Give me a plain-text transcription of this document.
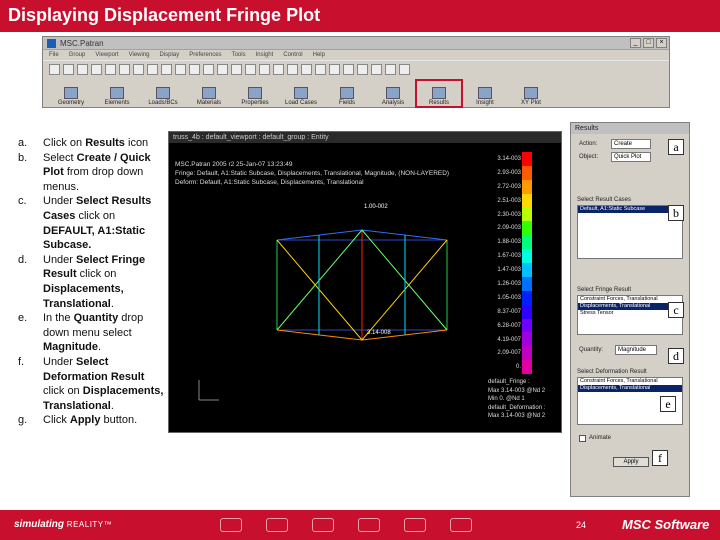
Displaying Displacement Fringe Plot
MSC.Patran	_	□	×
File Group Viewport Viewing Display Preferences Tools Insight Control Help
Geometry	Elements	Loads/BCs	Materials	Properties	Load Cases	Fields	Analysis	Results	Insight	XY Plot
a.	Click on Results icon
b.	Select Create / Quick Plot from drop down menus.
c.	Under Select Results Cases click on DEFAULT, A1:Static Subcase.
d.	Under Select Fringe Result click on Displacements, Translational.
e.	In the Quantity drop down menu select Magnitude.
f.	Under Select Deformation Result click on Displacements, Translational.
g.	Click Apply button.
truss_4b : default_viewport : default_group : Entity
MSC.Patran 2005 r2 25-Jan-07 13:23:49
Fringe: Default, A1:Static Subcase, Displacements, Translational, Magnitude, (NON-LAYERED)
Deform: Default, A1:Static Subcase, Displacements, Translational
1.00-002
3.14-008
3.14-003
2.93-003
2.72-003
2.51-003
2.30-003
2.09-003
1.88-003
1.67-003
1.47-003
1.26-003
1.05-003
8.37-007
6.28-007
4.19-007
2.09-007
0.
default_Fringe :
Max 3.14-003 @Nd 2
Min 0. @Nd 1
default_Deformation :
Max 3.14-003 @Nd 2
Results
Action:	Create
Object:	Quick Plot
Select Result Cases
Default, A1:Static Subcase
Select Fringe Result
Constraint Forces, Translational
Displacements, Translational
Stress Tensor
Quantity:	Magnitude
Select Deformation Result
Constraint Forces, Translational
Displacements, Translational
Animate
Apply
a
b
c
d
e
f
simulating REALITY™	24	MSC Software
